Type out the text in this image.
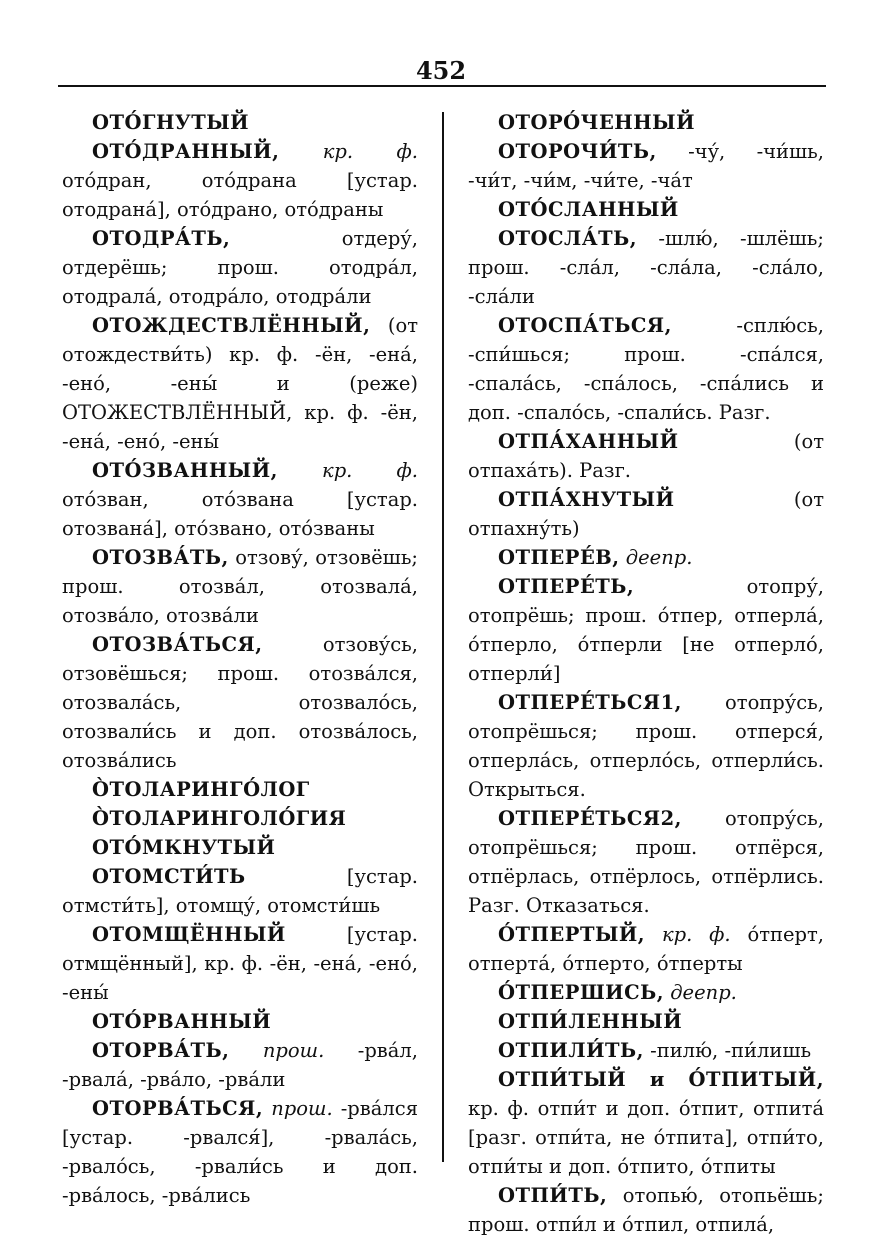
452

ОТО́ГНУТЫЙ

ОТО́ДРАННЫЙ, кр. ф. ото́дран, ото́драна [устар. отодрана́], ото́драно, ото́драны

ОТОДРА́ТЬ, отдеру́, отдерёшь; прош. отодра́л, отодрала́, отодра́ло, отодра́ли

ОТОЖДЕСТВЛЁННЫЙ, (от отождестви́ть) кр. ф. -ён, -ена́, -ено́, -ены́ и (реже) ОТОЖЕСТВЛЁННЫЙ, кр. ф. -ён, -ена́, -ено́, -ены́

ОТО́ЗВАННЫЙ, кр. ф. ото́зван, ото́звана [устар. отозвана́], ото́звано, ото́званы

ОТОЗВА́ТЬ, отзову́, отзовёшь; прош. отозва́л, отозвала́, отозва́ло, отозва́ли

ОТОЗВА́ТЬСЯ, отзову́сь, отзовёшься; прош. отозва́лся, отозвала́сь, отозвало́сь, отозвали́сь и доп. отозва́лось, отозва́лись

О̀ТОЛАРИНГО́ЛОГ

О̀ТОЛАРИНГОЛО́ГИЯ

ОТО́МКНУТЫЙ

ОТОМСТИ́ТЬ [устар. отмсти́ть], отомщу́, отомсти́шь

ОТОМЩЁННЫЙ [устар. отмщённый], кр. ф. -ён, -ена́, -ено́, -ены́

ОТО́РВАННЫЙ

ОТОРВА́ТЬ, прош. -рва́л, -рвала́, -рва́ло, -рва́ли

ОТОРВА́ТЬСЯ, прош. -рва́лся [устар. -рвался́], -рвала́сь, -рвало́сь, -рвали́сь и доп. -рва́лось, -рва́лись

ОТОРО́ЧЕННЫЙ

ОТОРОЧИ́ТЬ, -чу́, -чи́шь, -чи́т, -чи́м, -чи́те, -ча́т

ОТО́СЛАННЫЙ

ОТОСЛА́ТЬ, -шлю́, -шлёшь; прош. -сла́л, -сла́ла, -сла́ло, -сла́ли

ОТОСПА́ТЬСЯ, -сплю́сь, -спи́шься; прош. -спа́лся, -спала́сь, -спа́лось, -спа́лись и доп. -спало́сь, -спали́сь. Разг.

ОТПА́ХАННЫЙ (от отпаха́ть). Разг.

ОТПА́ХНУТЫЙ (от отпахну́ть)

ОТПЕРЕ́В, деепр.

ОТПЕРЕ́ТЬ, отопру́, отопрёшь; прош. о́тпер, отперла́, о́тперло, о́тперли [не отперло́, отперли́]

ОТПЕРЕ́ТЬСЯ1, отопру́сь, отопрёшься; прош. отперся́, отперла́сь, отперло́сь, отперли́сь. Открыться.

ОТПЕРЕ́ТЬСЯ2, отопру́сь, отопрёшься; прош. отпёрся, отпёрлась, отпёрлось, отпёрлись. Разг. Отказаться.

О́ТПЕРТЫЙ, кр. ф. о́тперт, отперта́, о́тперто, о́тперты

О́ТПЕРШИСЬ, деепр.

ОТПИ́ЛЕННЫЙ

ОТПИЛИ́ТЬ, -пилю́, -пи́лишь

ОТПИ́ТЫЙ и О́ТПИТЫЙ, кр. ф. отпи́т и доп. о́тпит, отпита́ [разг. отпи́та, не о́тпита], отпи́то, отпи́ты и доп. о́тпито, о́тпиты

ОТПИ́ТЬ, отопью́, отопьёшь; прош. отпи́л и о́тпил, отпила́,
